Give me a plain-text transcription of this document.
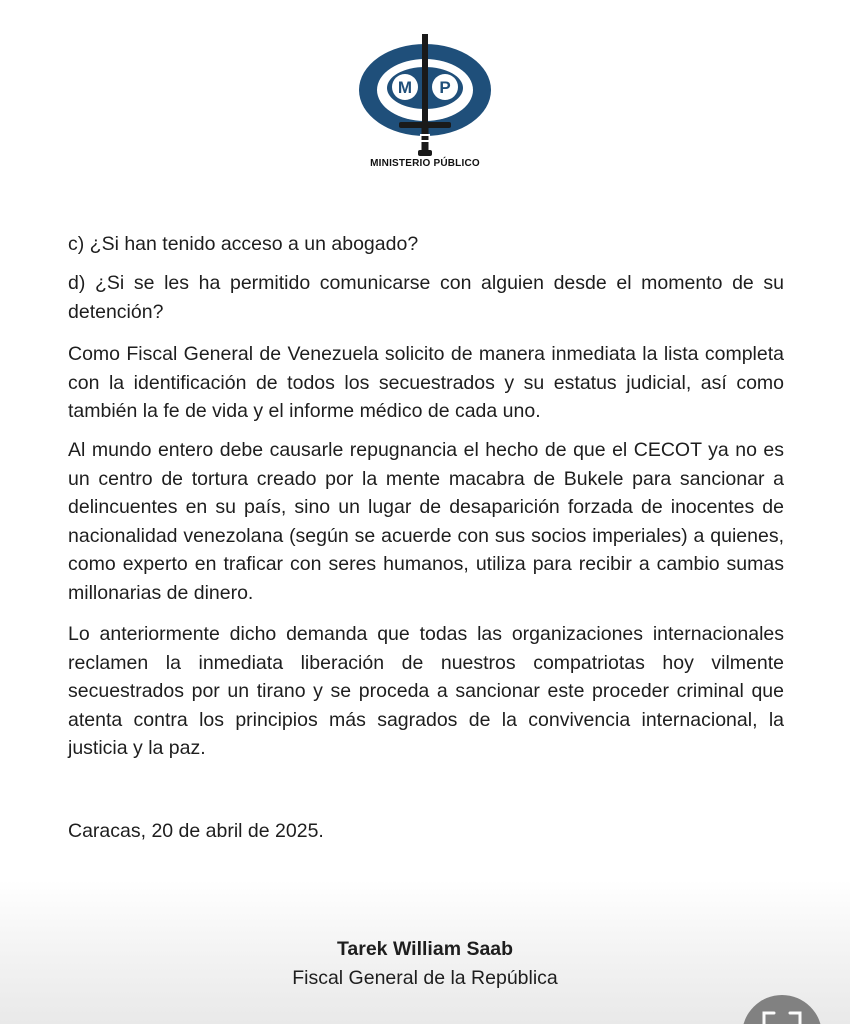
M P
MINISTERIO PÚBLICO
c) ¿Si han tenido acceso a un abogado?
d) ¿Si se les ha permitido comunicarse con alguien desde el momento de su detención?
Como Fiscal General de Venezuela solicito de manera inmediata la lista completa con la identificación de todos los secuestrados y su estatus judicial, así como también la fe de vida y el informe médico de cada uno.
Al mundo entero debe causarle repugnancia el hecho de que el CECOT ya no es un centro de tortura creado por la mente macabra de Bukele para sancionar a delincuentes en su país, sino un lugar de desaparición forzada de inocentes de nacionalidad venezolana (según se acuerde con sus socios imperiales) a quienes, como experto en traficar con seres humanos, utiliza para recibir a cambio sumas millonarias de dinero.
Lo anteriormente dicho demanda que todas las organizaciones internacionales reclamen la inmediata liberación de nuestros compatriotas hoy vilmente secuestrados por un tirano y se proceda a sancionar este proceder criminal que atenta contra los principios más sagrados de la convivencia internacional, la justicia y la paz.
Caracas, 20 de abril de 2025.
Tarek William Saab
Fiscal General de la República
